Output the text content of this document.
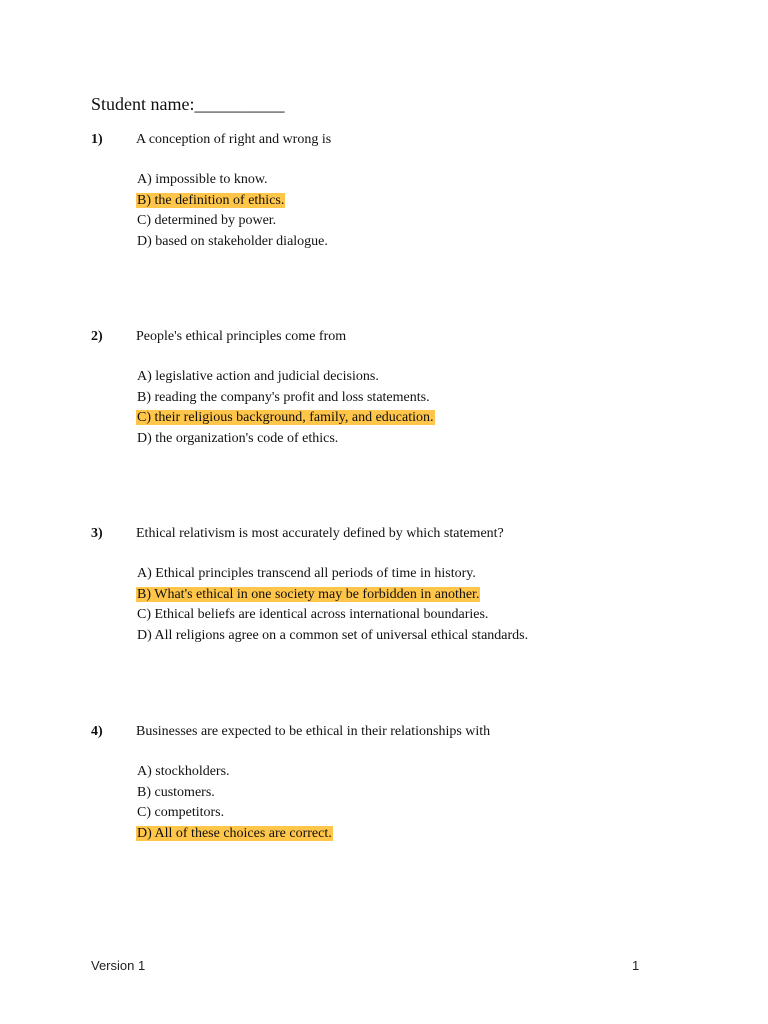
Student name:__________
1) A conception of right and wrong is
A) impossible to know.
B) the definition of ethics.
C) determined by power.
D) based on stakeholder dialogue.
2) People's ethical principles come from
A) legislative action and judicial decisions.
B) reading the company's profit and loss statements.
C) their religious background, family, and education.
D) the organization's code of ethics.
3) Ethical relativism is most accurately defined by which statement?
A) Ethical principles transcend all periods of time in history.
B) What's ethical in one society may be forbidden in another.
C) Ethical beliefs are identical across international boundaries.
D) All religions agree on a common set of universal ethical standards.
4) Businesses are expected to be ethical in their relationships with
A) stockholders.
B) customers.
C) competitors.
D) All of these choices are correct.
Version 1	1
